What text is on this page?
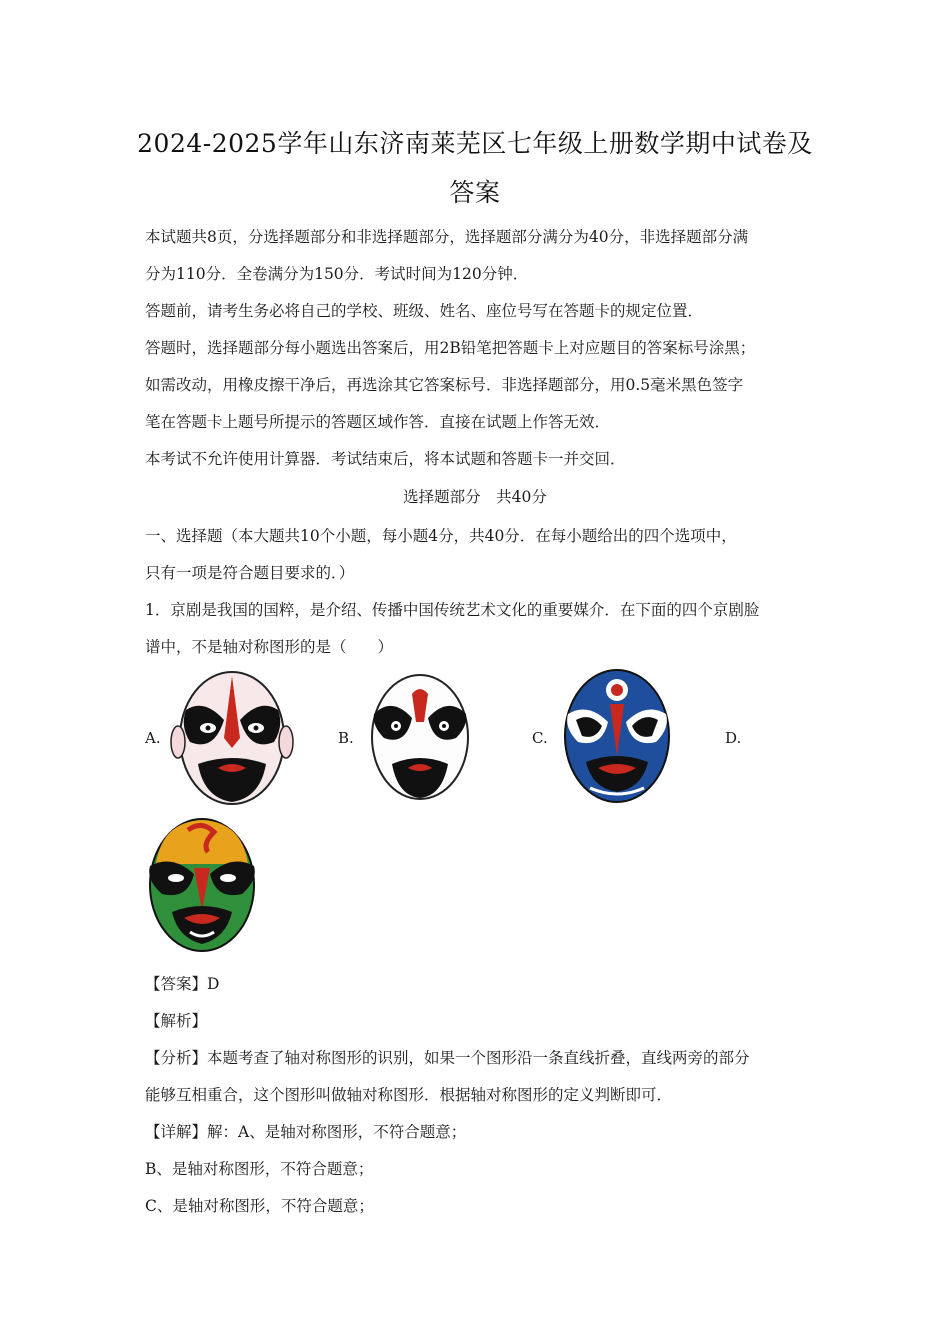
2024-2025学年山东济南莱芜区七年级上册数学期中试卷及
答案
本试题共8页，分选择题部分和非选择题部分，选择题部分满分为40分，非选择题部分满
分为110分．全卷满分为150分．考试时间为120分钟．
答题前，请考生务必将自己的学校、班级、姓名、座位号写在答题卡的规定位置．
答题时，选择题部分每小题选出答案后，用2B铅笔把答题卡上对应题目的答案标号涂黑；
如需改动，用橡皮擦干净后，再选涂其它答案标号．非选择题部分，用0.5毫米黑色签字
笔在答题卡上题号所提示的答题区域作答．直接在试题上作答无效．
本考试不允许使用计算器．考试结束后，将本试题和答题卡一并交回．
选择题部分　共40分
一、选择题（本大题共10个小题，每小题4分，共40分．在每小题给出的四个选项中，
只有一项是符合题目要求的．）
1．京剧是我国的国粹，是介绍、传播中国传统艺术文化的重要媒介．在下面的四个京剧脸
谱中，不是轴对称图形的是（　　）
A.	B.	C.	D.
【答案】D
【解析】
【分析】本题考查了轴对称图形的识别，如果一个图形沿一条直线折叠，直线两旁的部分
能够互相重合，这个图形叫做轴对称图形．根据轴对称图形的定义判断即可．
【详解】解：A、是轴对称图形，不符合题意；
B、是轴对称图形，不符合题意；
C、是轴对称图形，不符合题意；
